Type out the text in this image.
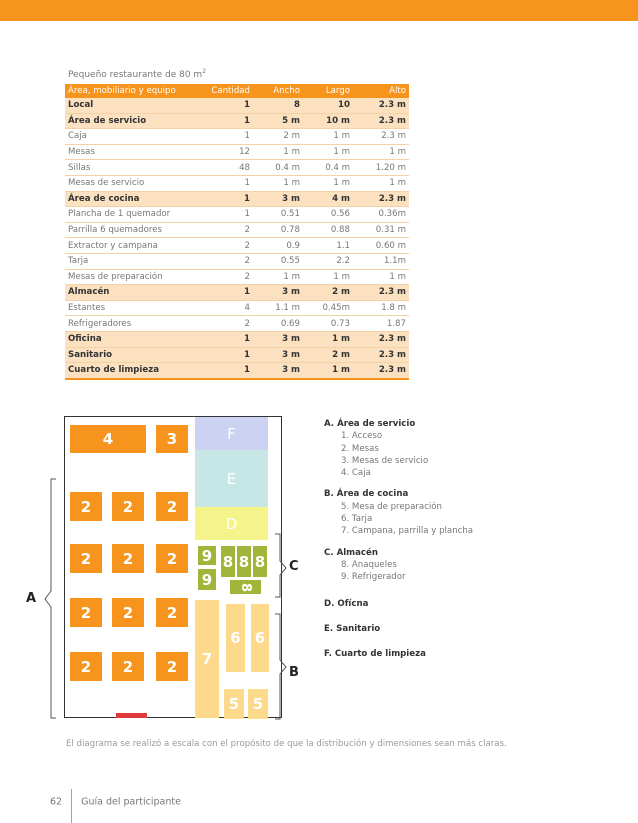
Pequeño restaurante de 80 $m^2$
Área, mobiliario y equipo	Cantidad	Ancho	Largo	Alto
Local	1	8	10	2.3 m
Área de servicio	1	5 m	10 m	2.3 m
Caja	1	2 m	1 m	2.3 m
Mesas	12	1 m	1 m	1 m
Sillas	48	0.4 m	0.4 m	1.20 m
Mesas de servicio	1	1 m	1 m	1 m
Área de cocina	1	3 m	4 m	2.3 m
Plancha de 1 quemador	1	0.51	0.56	0.36m
Parrilla 6 quemadores	2	0.78	0.88	0.31 m
Extractor y campana	2	0.9	1.1	0.60 m
Tarja	2	0.55	2.2	1.1m
Mesas de preparación	2	1 m	1 m	1 m
Almacén	1	3 m	2 m	2.3 m
Estantes	4	1.1 m	0.45m	1.8 m
Refrigeradores	2	0.69	0.73	1.87
Oficina	1	3 m	1 m	2.3 m
Sanitario	1	3 m	2 m	2.3 m
Cuarto de limpieza	1	3 m	1 m	2.3 m
4	3	F
E
D
2	2	2
2	2	2
2	2	2
2	2	2
9
9
8 8 8
8
7
6 6
5 5
A
C
B
A. Área de servicio
1. Acceso
2. Mesas
3. Mesas de servicio
4. Caja
B. Área de cocina
5. Mesa de preparación
6. Tarja
7. Campana, parrilla y plancha
C. Almacén
8. Anaqueles
9. Refrigerador
D. Ofícna
E. Sanitario
F. Cuarto de limpieza
El diagrama se realizó a escala con el propósito de que la distribución y dimensiones sean más claras.
62 Guía del participante
